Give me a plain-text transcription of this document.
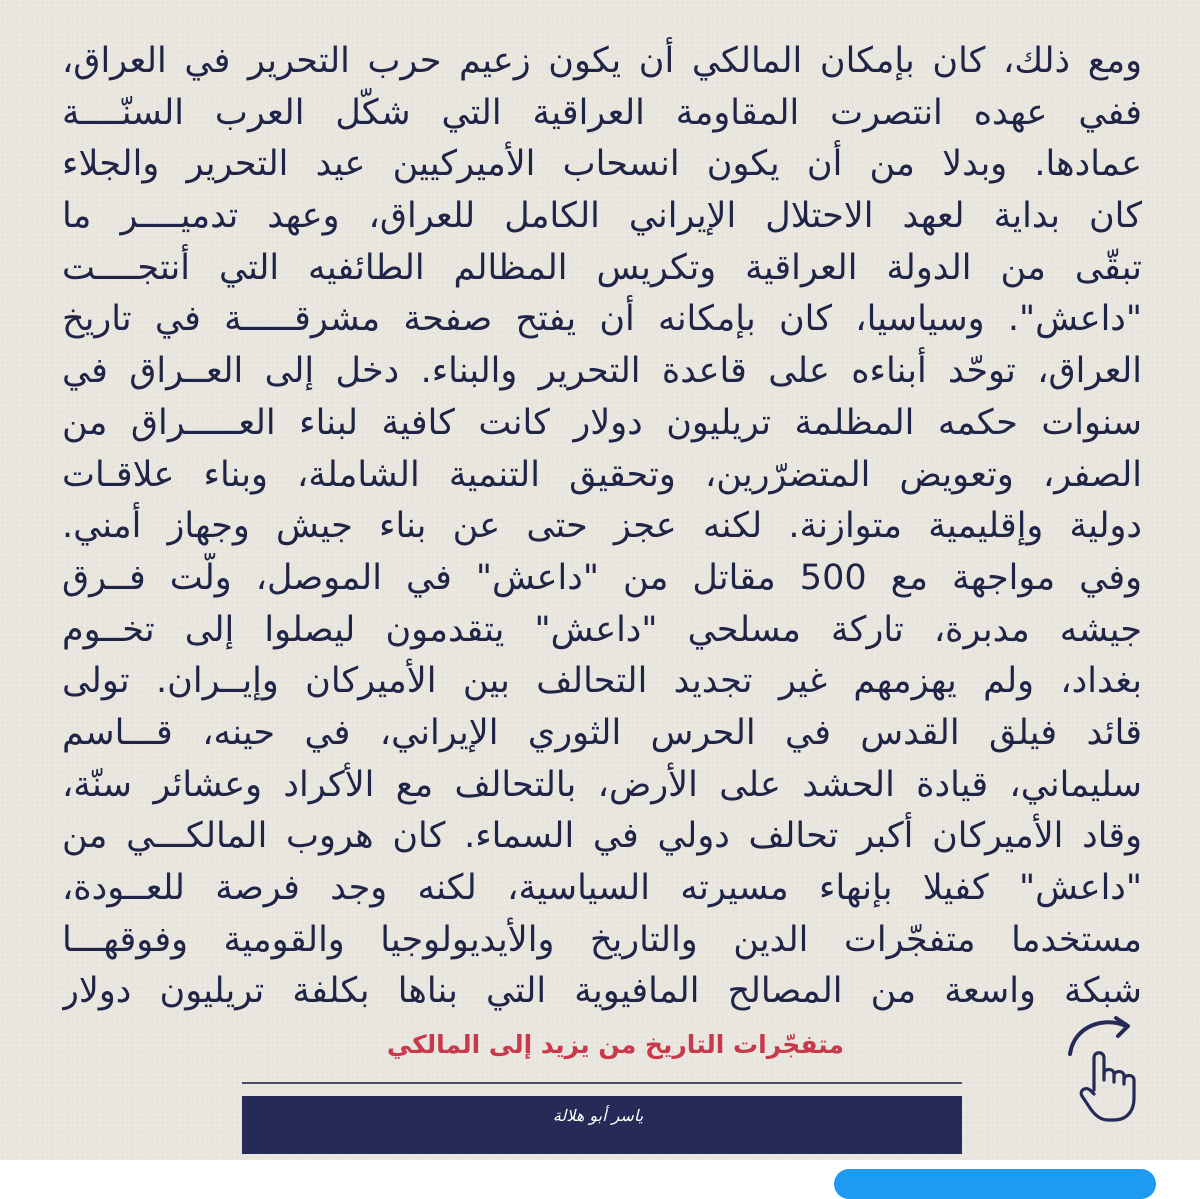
ومع ذلك، كان بإمكان المالكي أن يكون زعيم حرب التحرير في العراق،
ففي عهده انتصرت المقاومة العراقية التي شكّل العرب السنّــــة
عمادها. وبدلا من أن يكون انسحاب الأميركيين عيد التحرير والجلاء
كان بداية لعهد الاحتلال الإيراني الكامل للعراق، وعهد تدميــــر ما
تبقّى من الدولة العراقية وتكريس المظالم الطائفيه التي أنتجــــت
"داعش". وسياسيا، كان بإمكانه أن يفتح صفحة مشرقـــــة في تاريخ
العراق، توحّد أبناءه على قاعدة التحرير والبناء. دخل إلى العــراق في
سنوات حكمه المظلمة تريليون دولار كانت كافية لبناء العـــــراق من
الصفر، وتعويض المتضرّرين، وتحقيق التنمية الشاملة، وبناء علاقـات
دولية وإقليمية متوازنة. لكنه عجز حتى عن بناء جيش وجهاز أمني.
وفي مواجهة مع 500 مقاتل من "داعش" في الموصل، ولّت فــرق
جيشه مدبرة، تاركة مسلحي "داعش" يتقدمون ليصلوا إلى تخــوم
بغداد، ولم يهزمهم غير تجديد التحالف بين الأميركان وإيــران. تولى
قائد فيلق القدس في الحرس الثوري الإيراني، في حينه، قـــاسم
سليماني، قيادة الحشد على الأرض، بالتحالف مع الأكراد وعشائر سنّة،
وقاد الأميركان أكبر تحالف دولي في السماء. كان هروب المالكـــي من
"داعش" كفيلا بإنهاء مسيرته السياسية، لكنه وجد فرصة للعــودة،
مستخدما متفجّرات الدين والتاريخ والأيديولوجيا والقومية وفوقهـــا
شبكة واسعة من المصالح المافيوية التي بناها بكلفة تريليون دولار
متفجّرات التاريخ من يزيد إلى المالكي
ياسر أبو هلالة
